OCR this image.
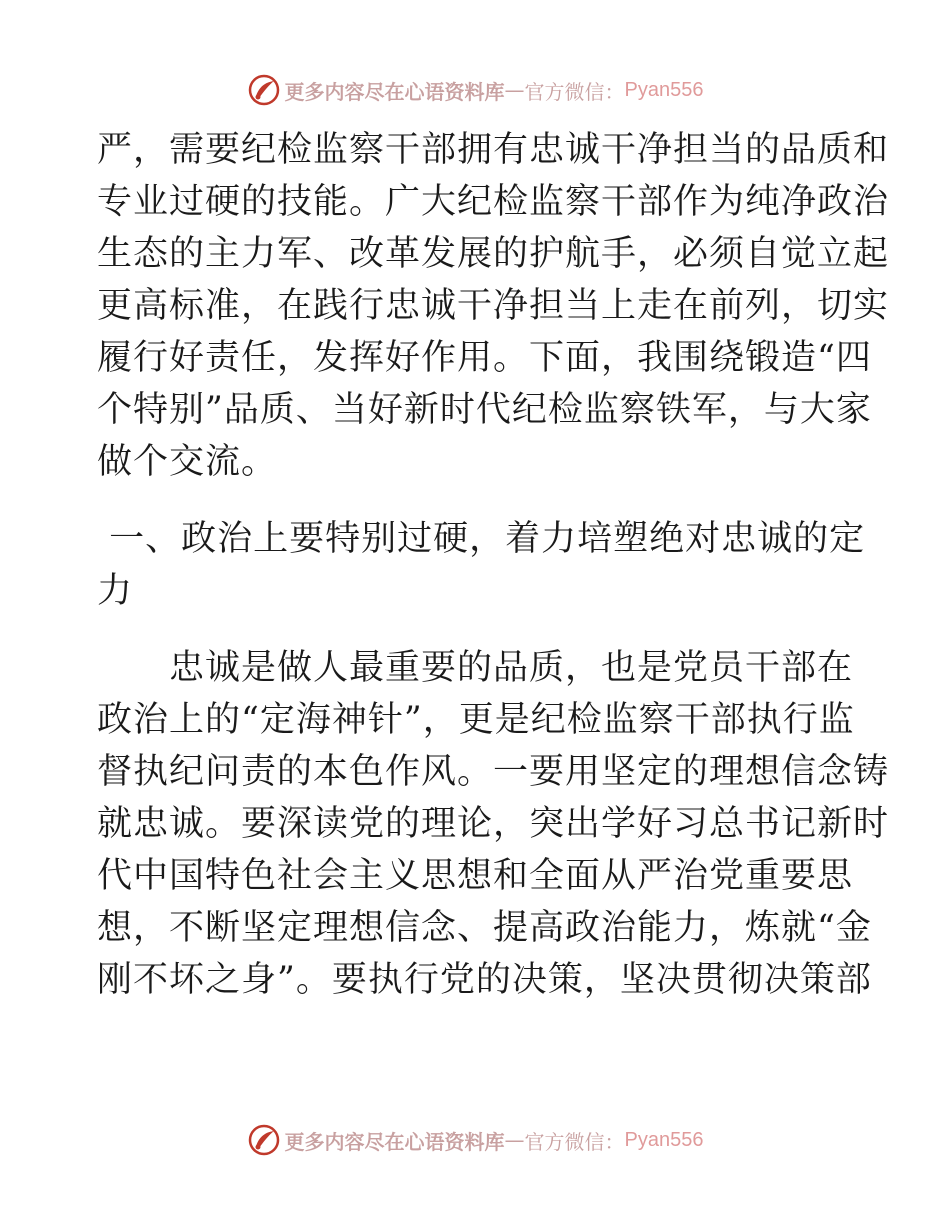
更多内容尽在心语资料库 — 官方微信： Pyan556
严，需要纪检监察干部拥有忠诚干净担当的品质和
专业过硬的技能。广大纪检监察干部作为纯净政治
生态的主力军、改革发展的护航手，必须自觉立起
更高标准，在践行忠诚干净担当上走在前列，切实
履行好责任，发挥好作用。下面，我围绕锻造“四
个特别”品质、当好新时代纪检监察铁军，与大家
做个交流。
一、政治上要特别过硬，着力培塑绝对忠诚的定
力
　　忠诚是做人最重要的品质，也是党员干部在
政治上的“定海神针”，更是纪检监察干部执行监
督执纪问责的本色作风。一要用坚定的理想信念铸
就忠诚。要深读党的理论，突出学好习总书记新时
代中国特色社会主义思想和全面从严治党重要思
想，不断坚定理想信念、提高政治能力，炼就“金
刚不坏之身”。要执行党的决策，坚决贯彻决策部
更多内容尽在心语资料库 — 官方微信： Pyan556
